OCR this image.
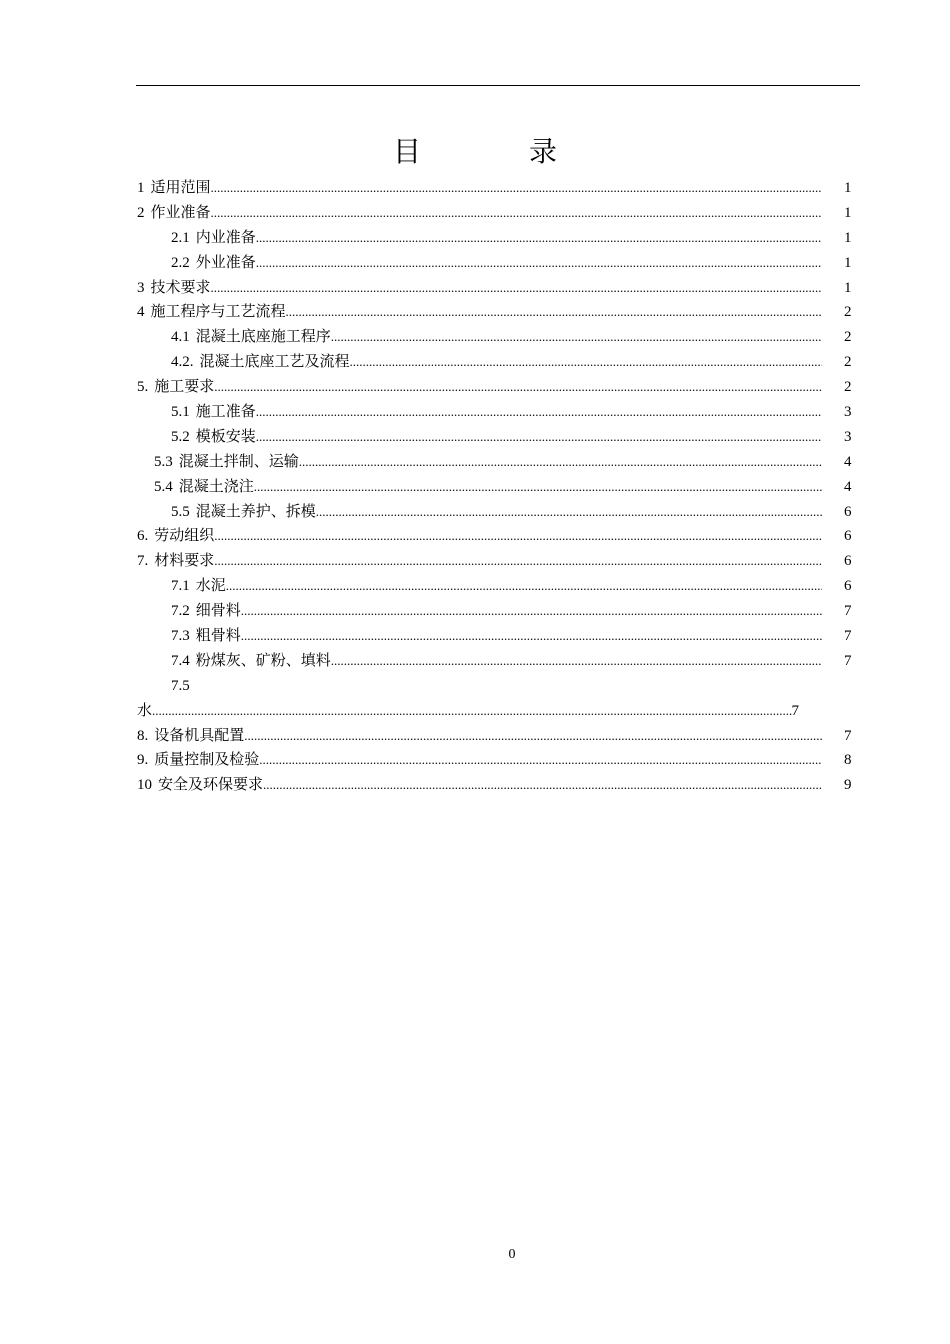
目　录
1 适用范围 .....	1
2 作业准备 .....	1
2.1 内业准备 .....	1
2.2 外业准备 .....	1
3 技术要求 .....	1
4 施工程序与工艺流程 .....	2
4.1 混凝土底座施工程序 .....	2
4.2. 混凝土底座工艺及流程 .....	2
5. 施工要求 .....	2
5.1 施工准备 .....	3
5.2 模板安装 .....	3
5.3 混凝土拌制、运输 .....	4
5.4 混凝土浇注 .....	4
5.5 混凝土养护、拆模 .....	6
6. 劳动组织 .....	6
7. 材料要求 .....	6
7.1 水泥 .....	6
7.2 细骨料 .....	7
7.3 粗骨料 .....	7
7.4 粉煤灰、矿粉、填料 .....	7
7.5
水 .....	7
8. 设备机具配置 .....	7
9. 质量控制及检验 .....	8
10 安全及环保要求 .....	9
0
